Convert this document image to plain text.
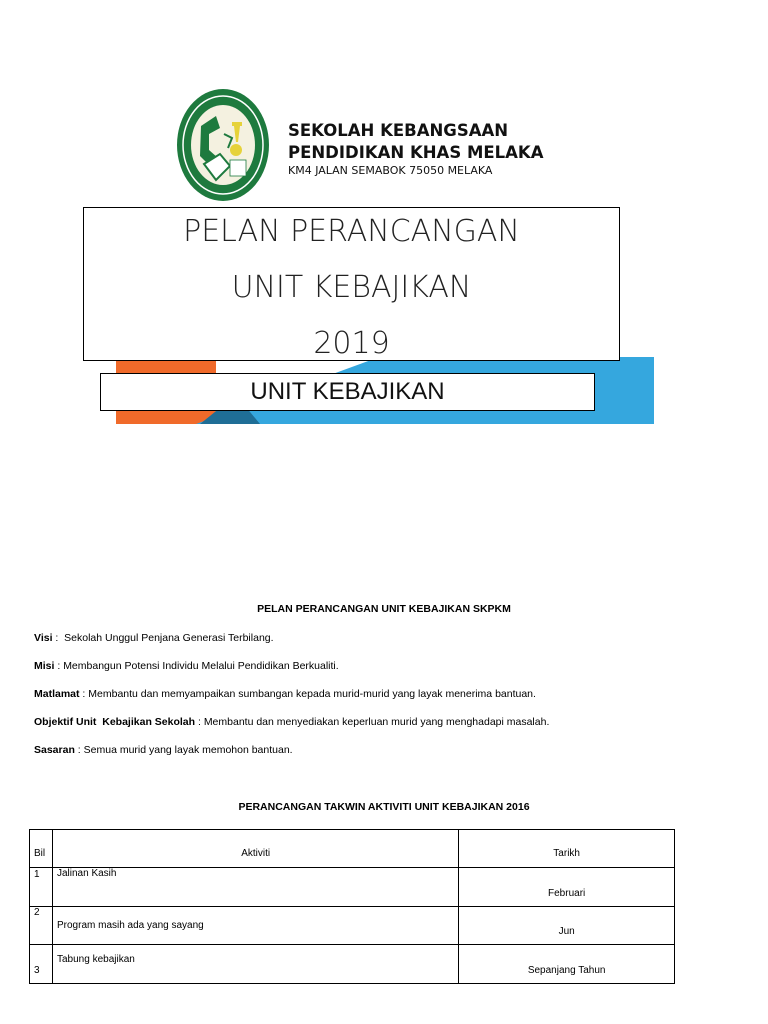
SEKOLAH KEBANGSAAN
PENDIDIKAN KHAS MELAKA
KM4 JALAN SEMABOK 75050 MELAKA
PELAN PERANCANGAN
UNIT KEBAJIKAN
2019
UNIT KEBAJIKAN
PELAN PERANCANGAN UNIT KEBAJIKAN SKPKM
Visi :  Sekolah Unggul Penjana Generasi Terbilang.
Misi : Membangun Potensi Individu Melalui Pendidikan Berkualiti.
Matlamat : Membantu dan memyampaikan sumbangan kepada murid-murid yang layak menerima bantuan.
Objektif Unit  Kebajikan Sekolah : Membantu dan menyediakan keperluan murid yang menghadapi masalah.
Sasaran : Semua murid yang layak memohon bantuan.
PERANCANGAN TAKWIN AKTIVITI UNIT KEBAJIKAN 2016
Bil	Aktiviti	Tarikh
1	Jalinan Kasih	Februari
2	Program masih ada yang sayang	Jun
3	Tabung kebajikan	Sepanjang Tahun
